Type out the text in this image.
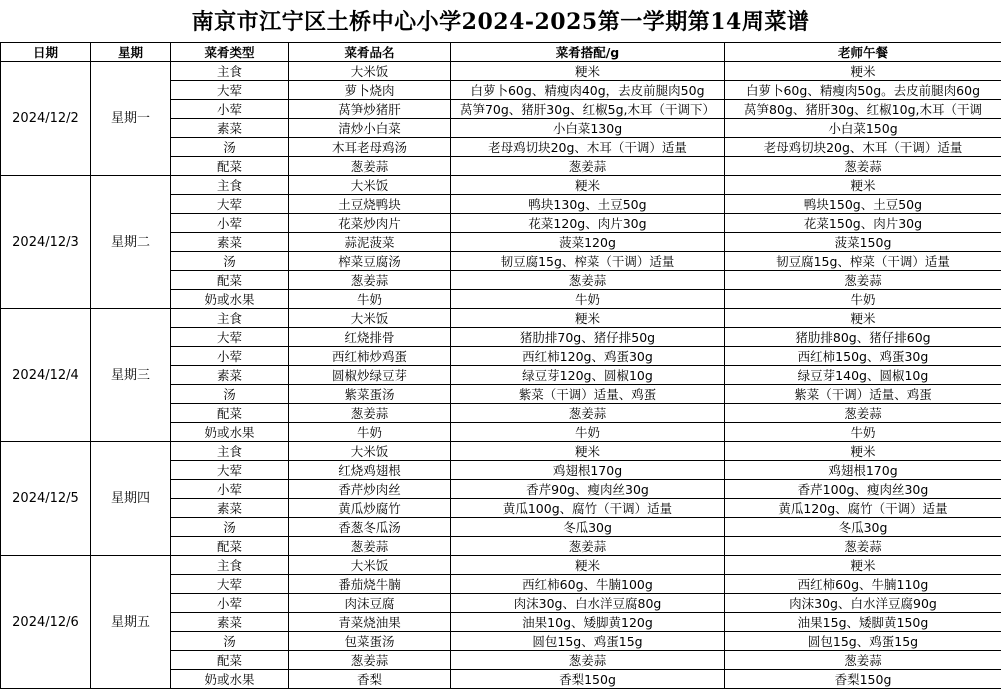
南京市江宁区土桥中心小学2024-2025第一学期第14周菜谱
日期	星期	菜肴类型	菜肴品名	菜肴搭配/g	老师午餐
2024/12/2	星期一	主食	大米饭	粳米	粳米
		大荤	萝卜烧肉	白萝卜60g、精瘦肉40g，去皮前腿肉50g	白萝卜60g、精瘦肉50g。去皮前腿肉60g
		小荤	莴笋炒猪肝	莴笋70g、猪肝30g、红椒5g,木耳（干调下）	莴笋80g、猪肝30g、红椒10g,木耳（干调
		素菜	清炒小白菜	小白菜130g	小白菜150g
		汤	木耳老母鸡汤	老母鸡切块20g、木耳（干调）适量	老母鸡切块20g、木耳（干调）适量
		配菜	葱姜蒜	葱姜蒜	葱姜蒜
2024/12/3	星期二	主食	大米饭	粳米	粳米
		大荤	土豆烧鸭块	鸭块130g、土豆50g	鸭块150g、土豆50g
		小荤	花菜炒肉片	花菜120g、肉片30g	花菜150g、肉片30g
		素菜	蒜泥菠菜	菠菜120g	菠菜150g
		汤	榨菜豆腐汤	韧豆腐15g、榨菜（干调）适量	韧豆腐15g、榨菜（干调）适量
		配菜	葱姜蒜	葱姜蒜	葱姜蒜
		奶或水果	牛奶	牛奶	牛奶
2024/12/4	星期三	主食	大米饭	粳米	粳米
		大荤	红烧排骨	猪肋排70g、猪仔排50g	猪肋排80g、猪仔排60g
		小荤	西红柿炒鸡蛋	西红柿120g、鸡蛋30g	西红柿150g、鸡蛋30g
		素菜	圆椒炒绿豆芽	绿豆芽120g、圆椒10g	绿豆芽140g、圆椒10g
		汤	紫菜蛋汤	紫菜（干调）适量、鸡蛋	紫菜（干调）适量、鸡蛋
		配菜	葱姜蒜	葱姜蒜	葱姜蒜
		奶或水果	牛奶	牛奶	牛奶
2024/12/5	星期四	主食	大米饭	粳米	粳米
		大荤	红烧鸡翅根	鸡翅根170g	鸡翅根170g
		小荤	香芹炒肉丝	香芹90g、瘦肉丝30g	香芹100g、瘦肉丝30g
		素菜	黄瓜炒腐竹	黄瓜100g、腐竹（干调）适量	黄瓜120g、腐竹（干调）适量
		汤	香葱冬瓜汤	冬瓜30g	冬瓜30g
		配菜	葱姜蒜	葱姜蒜	葱姜蒜
2024/12/6	星期五	主食	大米饭	粳米	粳米
		大荤	番茄烧牛腩	西红柿60g、牛腩100g	西红柿60g、牛腩110g
		小荤	肉沫豆腐	肉沫30g、白水洋豆腐80g	肉沫30g、白水洋豆腐90g
		素菜	青菜烧油果	油果10g、矮脚黄120g	油果15g、矮脚黄150g
		汤	包菜蛋汤	圆包15g、鸡蛋15g	圆包15g、鸡蛋15g
		配菜	葱姜蒜	葱姜蒜	葱姜蒜
		奶或水果	香梨	香梨150g	香梨150g
